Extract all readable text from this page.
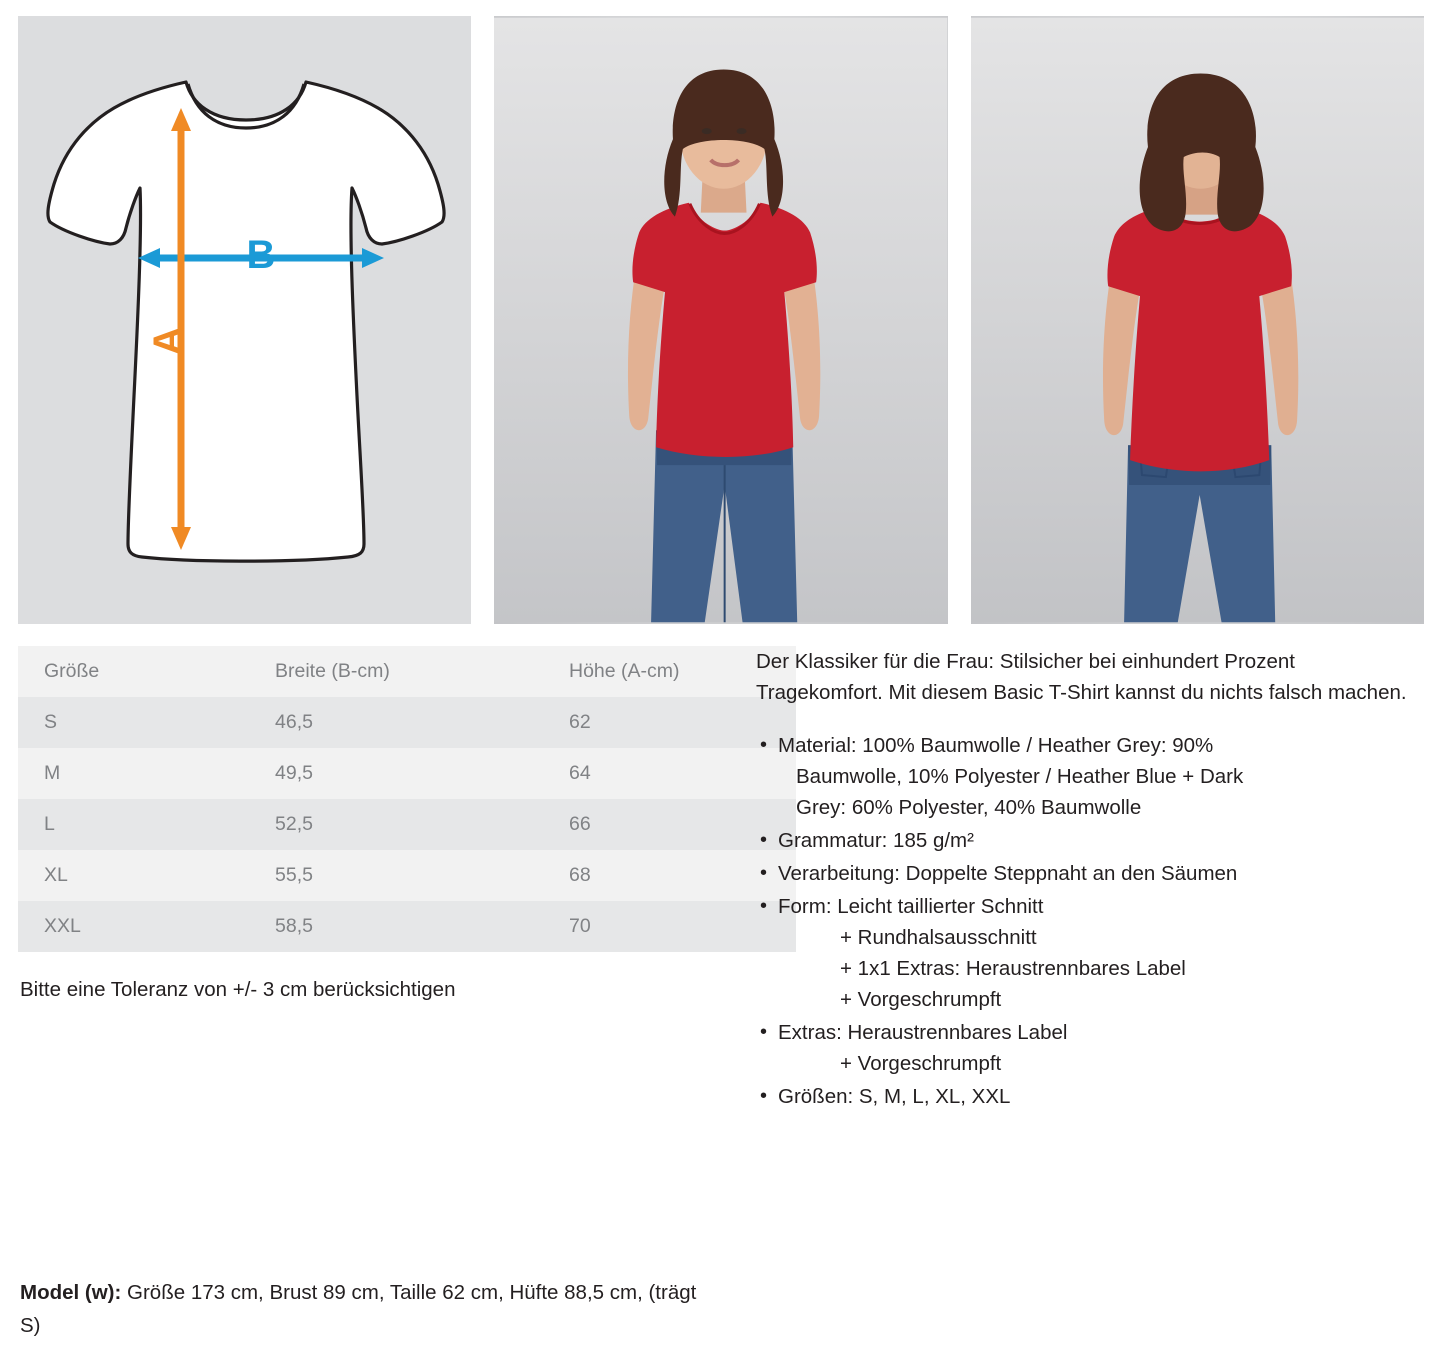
B
A
Größe	Breite (B-cm)	Höhe (A-cm)
S	46,5	62
M	49,5	64
L	52,5	66
XL	55,5	68
XXL	58,5	70
Bitte eine Toleranz von +/- 3 cm berücksichtigen

Der Klassiker für die Frau: Stilsicher bei einhundert Prozent Tragekomfort. Mit diesem Basic T-Shirt kannst du nichts falsch machen.

• Material: 100% Baumwolle / Heather Grey: 90%
Baumwolle, 10% Polyester / Heather Blue + Dark
Grey: 60% Polyester, 40% Baumwolle
• Grammatur: 185 g/m²
• Verarbeitung: Doppelte Steppnaht an den Säumen
• Form: Leicht taillierter Schnitt
+ Rundhalsausschnitt
+ 1x1 Extras: Heraustrennbares Label
+ Vorgeschrumpft
• Extras: Heraustrennbares Label
+ Vorgeschrumpft
• Größen: S, M, L, XL, XXL
Model (w): Größe 173 cm, Brust 89 cm, Taille 62 cm, Hüfte 88,5 cm, (trägt S)
